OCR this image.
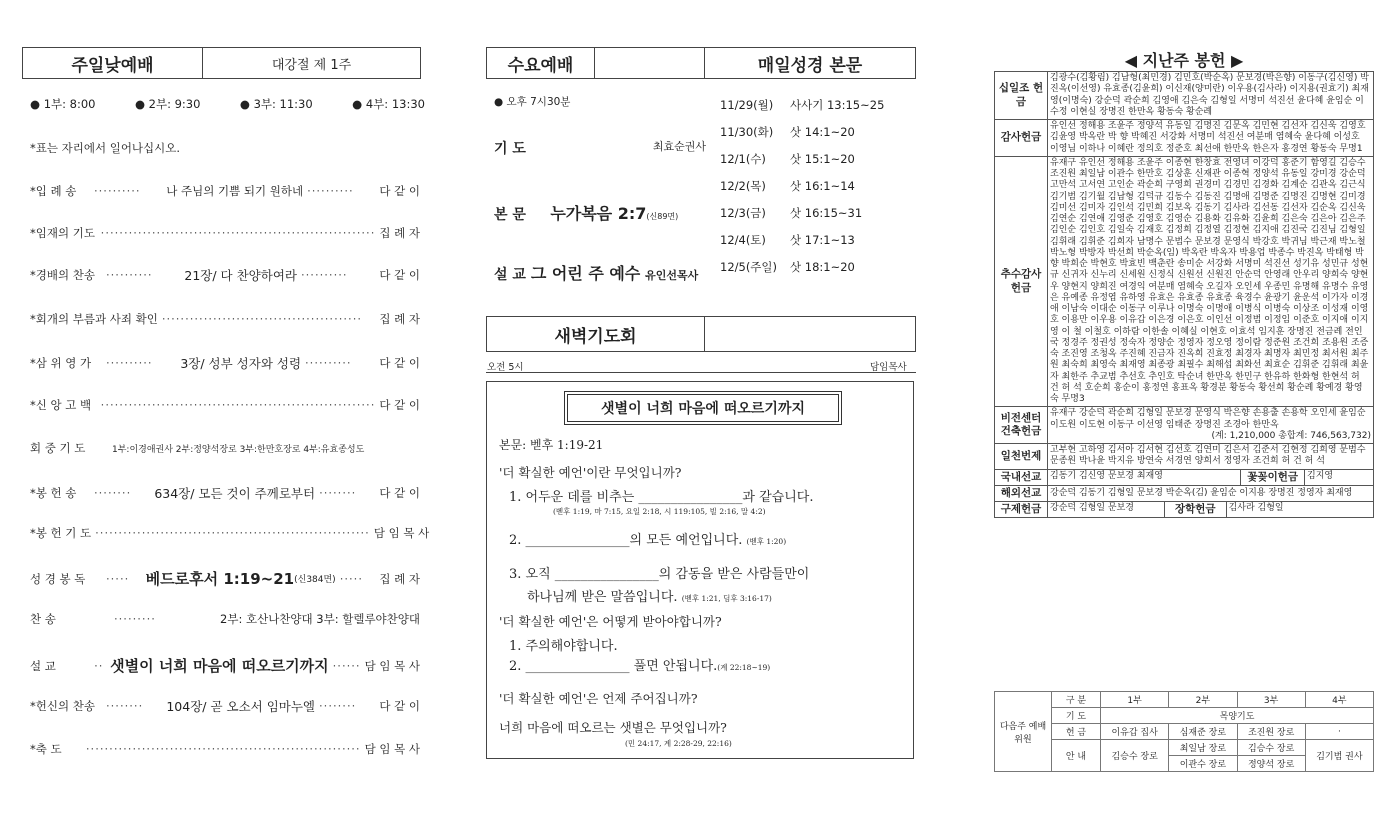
주일낮예배	대강절 제 1주
● 1부: 8:00	● 2부: 9:30	● 3부: 11:30	● 4부: 13:30
*표는 자리에서 일어나십시오.
*입 례 송	··········	나 주님의 기쁨 되기 원하네 ··········	다 같 이
*임재의 기도 ··························································· 집 례 자
*경배의 찬송 ··········	21장/ 다 찬양하여라 ··········	다 같 이
*회개의 부름과 사죄 확인 ···········································	집 례 자
*삼 위 영 가	··········	3장/ 성부 성자와 성령 ··········	다 같 이
*신 앙 고 백 ··························································· 다 같 이
회 중 기 도	1부:이경애권사 2부:정양석장로 3부:한만호장로 4부:유효종성도
*봉 헌 송	········	634장/ 모든 것이 주께로부터 ········	다 같 이
*봉 헌 기 도 ··························································· 담 임 목 사
성 경 봉 독	·····	베드로후서 1:19~21 (신384면) ·····	집 례 자
찬 송	·········	2부: 호산나찬양대 3부: 할렐루야찬양대
설 교	·· 샛별이 너희 마음에 떠오르기까지 ······ 담 임 목 사
*헌신의 찬송 ········	104장/ 곧 오소서 임마누엘 ········	다 같 이
*축 도	··························································· 담 임 목 사
수요예배	매일성경 본문
● 오후 7시30분
기 도	최효순권사
본 문 누가복음 2:7(신89면)
설 교 그 어린 주 예수 유인선목사
11/29(월) 사사기 13:15~25
11/30(화) 삿 14:1~20
12/1(수) 삿 15:1~20
12/2(목) 삿 16:1~14
12/3(금) 삿 16:15~31
12/4(토) 삿 17:1~13
12/5(주일) 삿 18:1~20
새벽기도회
오전 5시	담임목사
샛별이 너희 마음에 떠오르기까지
본문: 벧후 1:19-21
'더 확실한 예언'이란 무엇입니까?
1. 어두운 데를 비추는 ________________과 같습니다.
(벧후 1:19, 마 7:15, 요일 2:18, 시 119:105, 빌 2:16, 말 4:2)
2. ________________의 모든 예언입니다. (벧후 1:20)
3. 오직 ________________의 감동을 받은 사람들만이
하나님께 받은 말씀입니다. (벧후 1:21, 딤후 3:16-17)
'더 확실한 예언'은 어떻게 받아야합니까?
1. 주의해야합니다.
2. ________________ 풀면 안됩니다.(계 22:18~19)
'더 확실한 예언'은 언제 주어집니까?
너희 마음에 떠오르는 샛별은 무엇입니까?
(민 24:17, 계 2:28-29, 22:16)
◀ 지난주 봉헌 ▶
십일조 헌금	김광수(김황림) 김남형(최민경) 김민호(박순옥) 문보경(박은향) 이동구(김신영) 박진옥(이선영) 유효종(김윤희) 이신재(양미란) 이우용(김사라) 이지용(권효기) 최재영(이명숙) 강순덕 곽순희 김영애 김은숙 김형일 서명미 석진선 윤다혜 윤임순 이수정 이현실 장명진 한만옥 황동숙 황순례
감사헌금	유인선 정해용 조윤주 정양석 유동일 김명진 김문옥 김민현 김선자 김신욱 김영호 김윤영 박옥란 박 향 박혜진 서강화 서명미 석진선 여분매 염혜숙 윤다혜 이성호 이영님 이하나 이혜란 정의호 정준호 최선애 한만옥 한은자 홍경연 황동숙 무명1
추수감사 헌금	유재구 유인선 정해용 조윤주 이종현 한창효 전영녀 이강덕 홍준기 함영길 김승수 조진원 최일남 이관수 한만호 김상훈 신재관 이종혁 정양석 유동일 강미경 강순덕 고만석 고서연 고인순 곽순희 구영희 권경미 김경민 김경화 김계순 김관옥 김근식 김기범 김기월 김남형 김덕규 김동수 김동진 김명애 김명준 김명진 김명현 김미경 김미선 김미자 김인석 김민희 김보옥 김동기 김사라 김선동 김선자 김순옥 김신욱 김연순 김연애 김영준 김영호 김영순 김용화 김유화 김윤희 김은숙 김은아 김은주 김인순 김인호 김일숙 김재호 김정희 김정열 김정현 김지애 김진국 김진님 김형일 김휘래 김휘준 김희자 남명수 문범수 문보경 문영식 박강호 박귀님 박근재 박노철 박노형 박방자 박선희 박순옥(임) 박옥란 박옥자 박용업 박종수 박진옥 박태형 박 향 박희순 박현호 박효빈 백춘란 송미순 서강화 서명미 석진선 성기유 성민규 성현규 신귀자 신누리 신세원 신정식 신원선 신원진 안순덕 안영래 안우리 양희숙 양현우 양현지 양희진 여경익 여분매 염혜숙 오길자 오인세 우종민 유명해 유명수 유영은 유예종 유정엽 유하영 유효은 유효종 유효종 육경수 윤광기 윤운석 이가자 이경애 이남숙 이대순 이동구 이루나 이명숙 이명애 이병식 이병숙 이상조 이성재 이영호 이용만 이우용 이유갑 이은경 이은호 이인선 이정범 이정임 이준호 이지애 이지영 이 철 이철호 이하람 이한솔 이혜실 이현호 이효석 임지훈 장명진 전금례 전인국 정경주 정권성 정숙자 정양순 정영자 정오영 정이람 정준원 조건희 조용원 조증숙 조진영 조청옥 주진혜 진금자 진옥희 진효정 최경자 최명자 최민정 최서원 최주원 최숙희 최영숙 최재영 최종광 최필수 최해섭 최화선 최효순 김휘준 김휘래 최윤자 최한주 추교범 추선호 추인호 탁순녀 한만옥 한민구 한유하 한화형 한현석 허 건 허 석 호순희 홍순이 홍정연 홍표옥 황경분 황동숙 황선희 황순례 황예경 황영숙 무명3
비전센터 건축헌금	유재구 강순덕 곽순희 김형일 문보경 문영식 박은향 손용출 손용학 오인세 윤임순 이도원 이도현 이동구 이선영 임태준 장명진 조경아 한만옥
(계: 1,210,000 총합계: 746,563,732)

일천번제	고부현 고하영 김서아 김서현 김선호 김연미 김은서 김준서 김현정 김희영 문범수 문종원 박나윤 박지유 방연숙 서경연 양희서 정영자 조건희 허 건 허 석
국내선교	김동기 김신영 문보경 최재영 꽃꽂이헌금 김지영

해외선교	강순덕 김동기 김형일 문보경 박순옥(김) 윤임순 이지용 장명진 정영자 최재영
구제헌금	강순덕 김형일 문보경 장학헌금 김사라 김형일
다음주 예배위원	구 분	1부	2부	3부	4부
	기 도	목양기도			
	헌 금	이유갑 집사	심재준 장로	조진원 장로	·
	안 내	김승수 장로	최일남 장로	김승수 장로	김기범 권사
			이관수 장로	정양석 장로	
